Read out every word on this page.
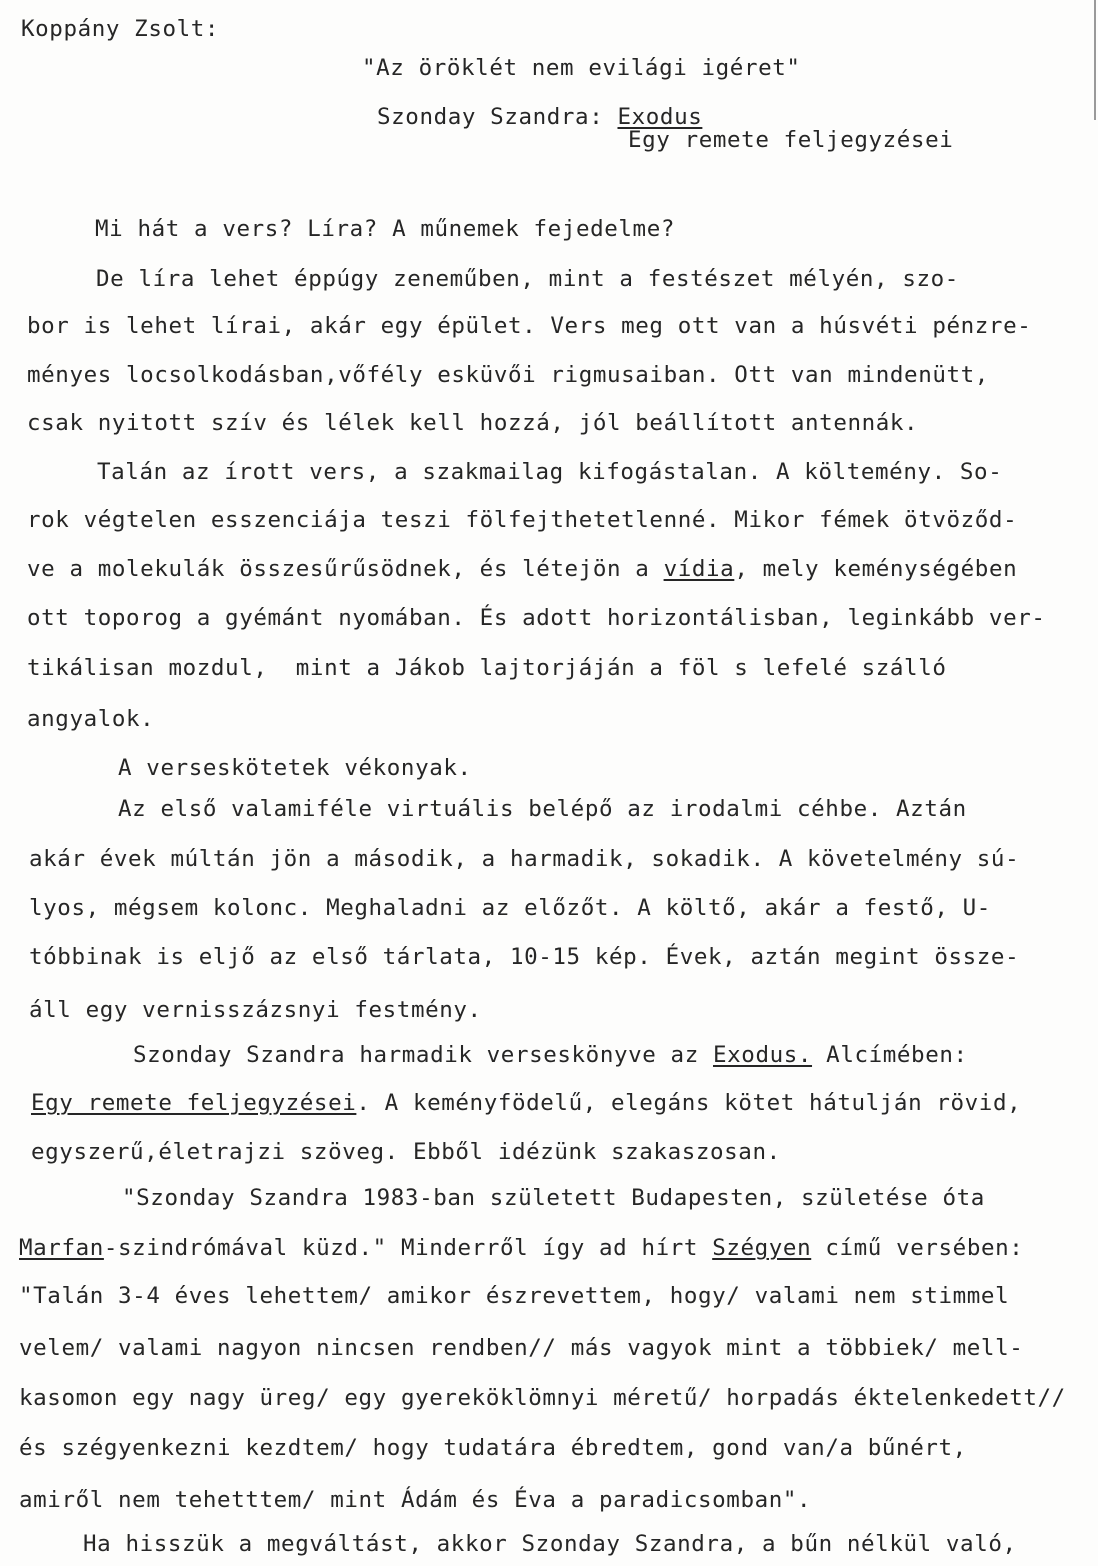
Koppány Zsolt:
"Az öröklét nem evilági igéret"
Szonday Szandra: Exodus
Egy remete feljegyzései
Mi hát a vers? Líra? A műnemek fejedelme?
De líra lehet éppúgy zeneműben, mint a festészet mélyén, szo-
bor is lehet lírai, akár egy épület. Vers meg ott van a húsvéti pénzre-
ményes locsolkodásban,vőfély esküvői rigmusaiban. Ott van mindenütt,
csak nyitott szív és lélek kell hozzá, jól beállított antennák.
Talán az írott vers, a szakmailag kifogástalan. A költemény. So-
rok végtelen esszenciája teszi fölfejthetetlenné. Mikor fémek ötvöződ-
ve a molekulák összesűrűsödnek, és létejön a vídia, mely keménységében
ott toporog a gyémánt nyomában. És adott horizontálisban, leginkább ver-
tikálisan mozdul,  mint a Jákob lajtorjáján a föl s lefelé szálló
angyalok.
A verseskötetek vékonyak.
Az első valamiféle virtuális belépő az irodalmi céhbe. Aztán
akár évek múltán jön a második, a harmadik, sokadik. A követelmény sú-
lyos, mégsem kolonc. Meghaladni az előzőt. A költő, akár a festő, U-
tóbbinak is eljő az első tárlata, 10-15 kép. Évek, aztán megint össze-
áll egy vernisszázsnyi festmény.
Szonday Szandra harmadik verseskönyve az Exodus. Alcímében:
Egy remete feljegyzései. A keményfödelű, elegáns kötet hátulján rövid,
egyszerű,életrajzi szöveg. Ebből idézünk szakaszosan.
"Szonday Szandra 1983-ban született Budapesten, születése óta
Marfan-szindrómával küzd." Minderről így ad hírt Szégyen című versében:
"Talán 3-4 éves lehettem/ amikor észrevettem, hogy/ valami nem stimmel
velem/ valami nagyon nincsen rendben// más vagyok mint a többiek/ mell-
kasomon egy nagy üreg/ egy gyereköklömnyi méretű/ horpadás éktelenkedett//
és szégyenkezni kezdtem/ hogy tudatára ébredtem, gond van/a bűnért,
amiről nem tehetttem/ mint Ádám és Éva a paradicsomban".
Ha hisszük a megváltást, akkor Szonday Szandra, a bűn nélkül való,
